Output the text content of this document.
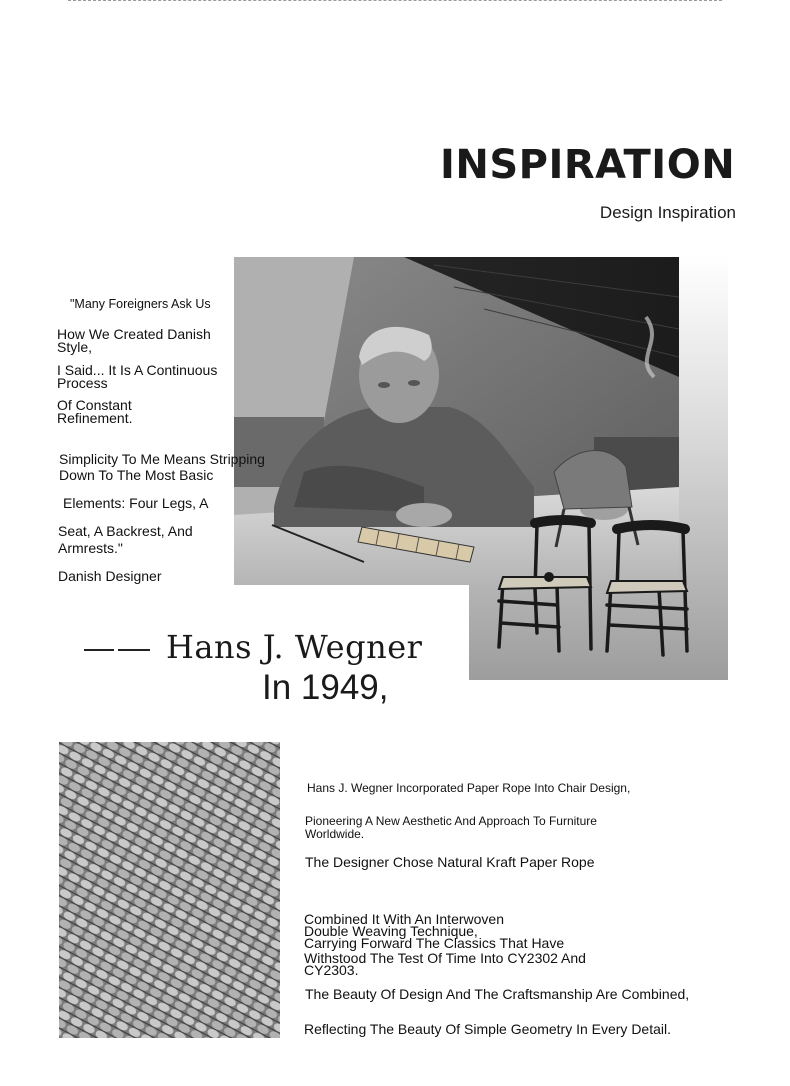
INSPIRATION
Design Inspiration
"Many Foreigners Ask Us
How We Created Danish
Style,
I Said... It Is A Continuous
Process
Of Constant
Refinement.
Simplicity To Me Means Stripping
Down To The Most Basic
Elements: Four Legs, A
Seat, A Backrest, And
Armrests."
Danish Designer
Hans J. Wegner
In 1949,
Hans J. Wegner Incorporated Paper Rope Into Chair Design,
Pioneering A New Aesthetic And Approach To Furniture
Worldwide.
The Designer Chose Natural Kraft Paper Rope
Combined It With An Interwoven
Double Weaving Technique,
Carrying Forward The Classics That Have
Withstood The Test Of Time Into CY2302 And
CY2303.
The Beauty Of Design And The Craftsmanship Are Combined,
Reflecting The Beauty Of Simple Geometry In Every Detail.
